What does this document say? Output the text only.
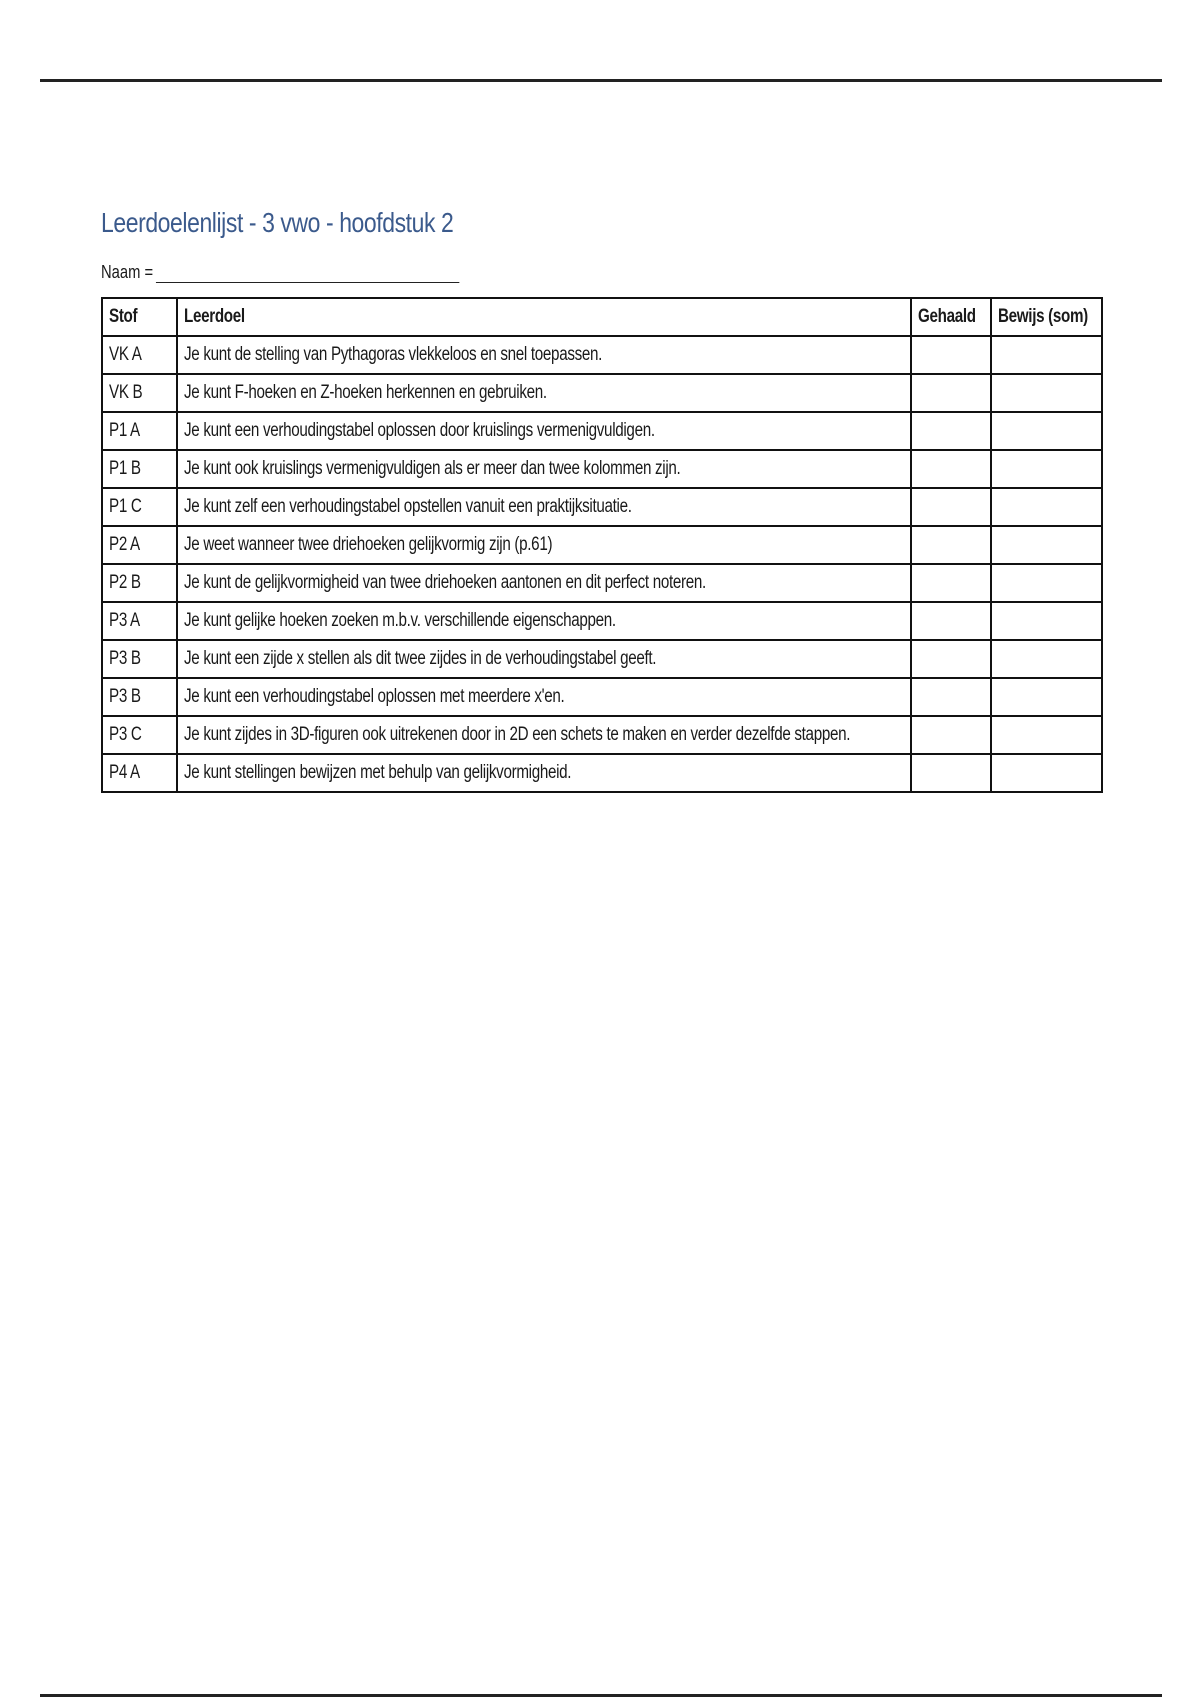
Leerdoelenlijst - 3 vwo - hoofdstuk 2
Naam =
Stof	Leerdoel	Gehaald	Bewijs (som)
VK A	Je kunt de stelling van Pythagoras vlekkeloos en snel toepassen.		
VK B	Je kunt F-hoeken en Z-hoeken herkennen en gebruiken.		
P1 A	Je kunt een verhoudingstabel oplossen door kruislings vermenigvuldigen.		
P1 B	Je kunt ook kruislings vermenigvuldigen als er meer dan twee kolommen zijn.		
P1 C	Je kunt zelf een verhoudingstabel opstellen vanuit een praktijksituatie.		
P2 A	Je weet wanneer twee driehoeken gelijkvormig zijn (p.61)		
P2 B	Je kunt de gelijkvormigheid van twee driehoeken aantonen en dit perfect noteren.		
P3 A	Je kunt gelijke hoeken zoeken m.b.v. verschillende eigenschappen.		
P3 B	Je kunt een zijde x stellen als dit twee zijdes in de verhoudingstabel geeft.		
P3 B	Je kunt een verhoudingstabel oplossen met meerdere x'en.		
P3 C	Je kunt zijdes in 3D-figuren ook uitrekenen door in 2D een schets te maken en verder dezelfde stappen.		
P4 A	Je kunt stellingen bewijzen met behulp van gelijkvormigheid.		
